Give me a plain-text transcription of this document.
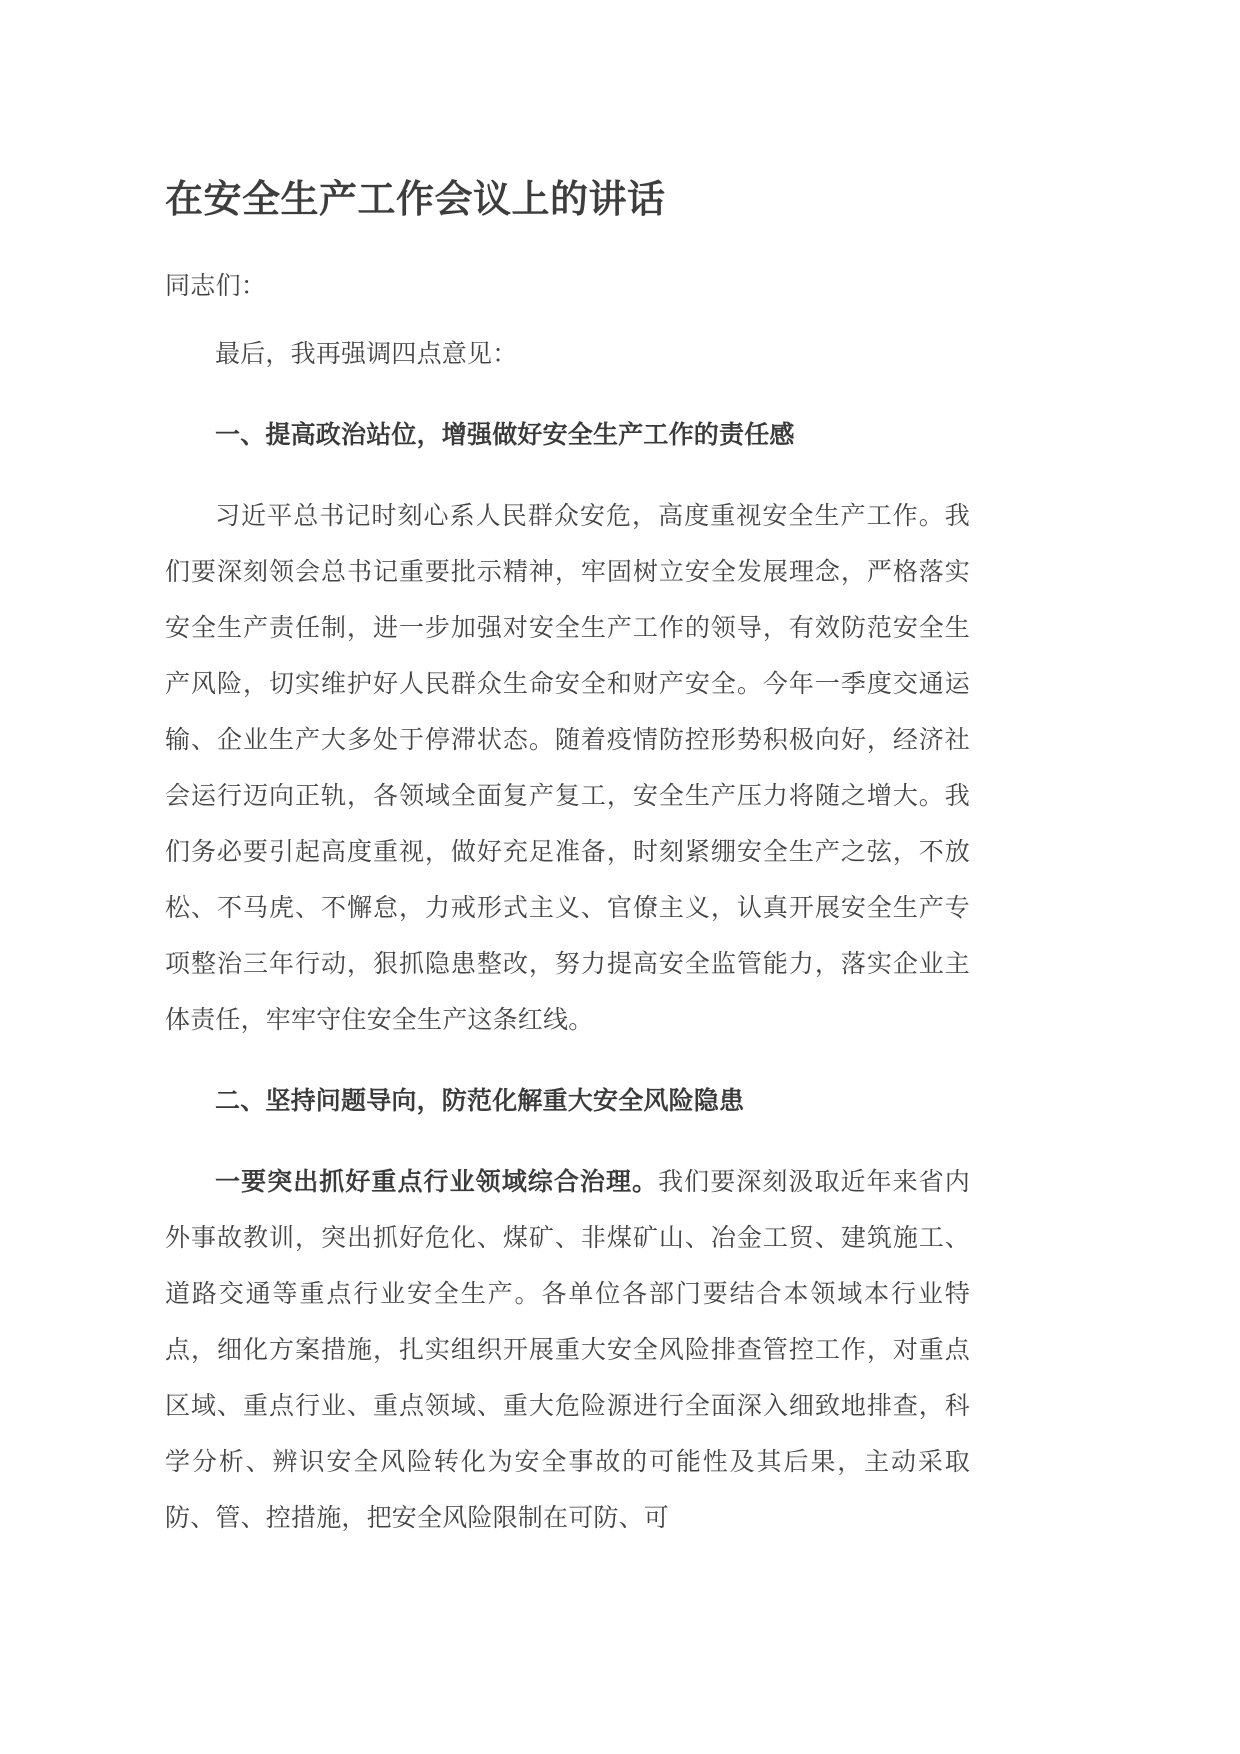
在安全生产工作会议上的讲话
同志们：

最后，我再强调四点意见：

一、提高政治站位，增强做好安全生产工作的责任感

习近平总书记时刻心系人民群众安危，高度重视安全生产工作。我们要深刻领会总书记重要批示精神，牢固树立安全发展理念，严格落实安全生产责任制，进一步加强对安全生产工作的领导，有效防范安全生产风险，切实维护好人民群众生命安全和财产安全。今年一季度交通运输、企业生产大多处于停滞状态。随着疫情防控形势积极向好，经济社会运行迈向正轨，各领域全面复产复工，安全生产压力将随之增大。我们务必要引起高度重视，做好充足准备，时刻紧绷安全生产之弦，不放松、不马虎、不懈怠，力戒形式主义、官僚主义，认真开展安全生产专项整治三年行动，狠抓隐患整改，努力提高安全监管能力，落实企业主体责任，牢牢守住安全生产这条红线。

二、坚持问题导向，防范化解重大安全风险隐患

一要突出抓好重点行业领域综合治理。我们要深刻汲取近年来省内外事故教训，突出抓好危化、煤矿、非煤矿山、冶金工贸、建筑施工、道路交通等重点行业安全生产。各单位各部门要结合本领域本行业特点，细化方案措施，扎实组织开展重大安全风险排查管控工作，对重点区域、重点行业、重点领域、重大危险源进行全面深入细致地排查，科学分析、辨识安全风险转化为安全事故的可能性及其后果，主动采取防、管、控措施，把安全风险限制在可防、可
